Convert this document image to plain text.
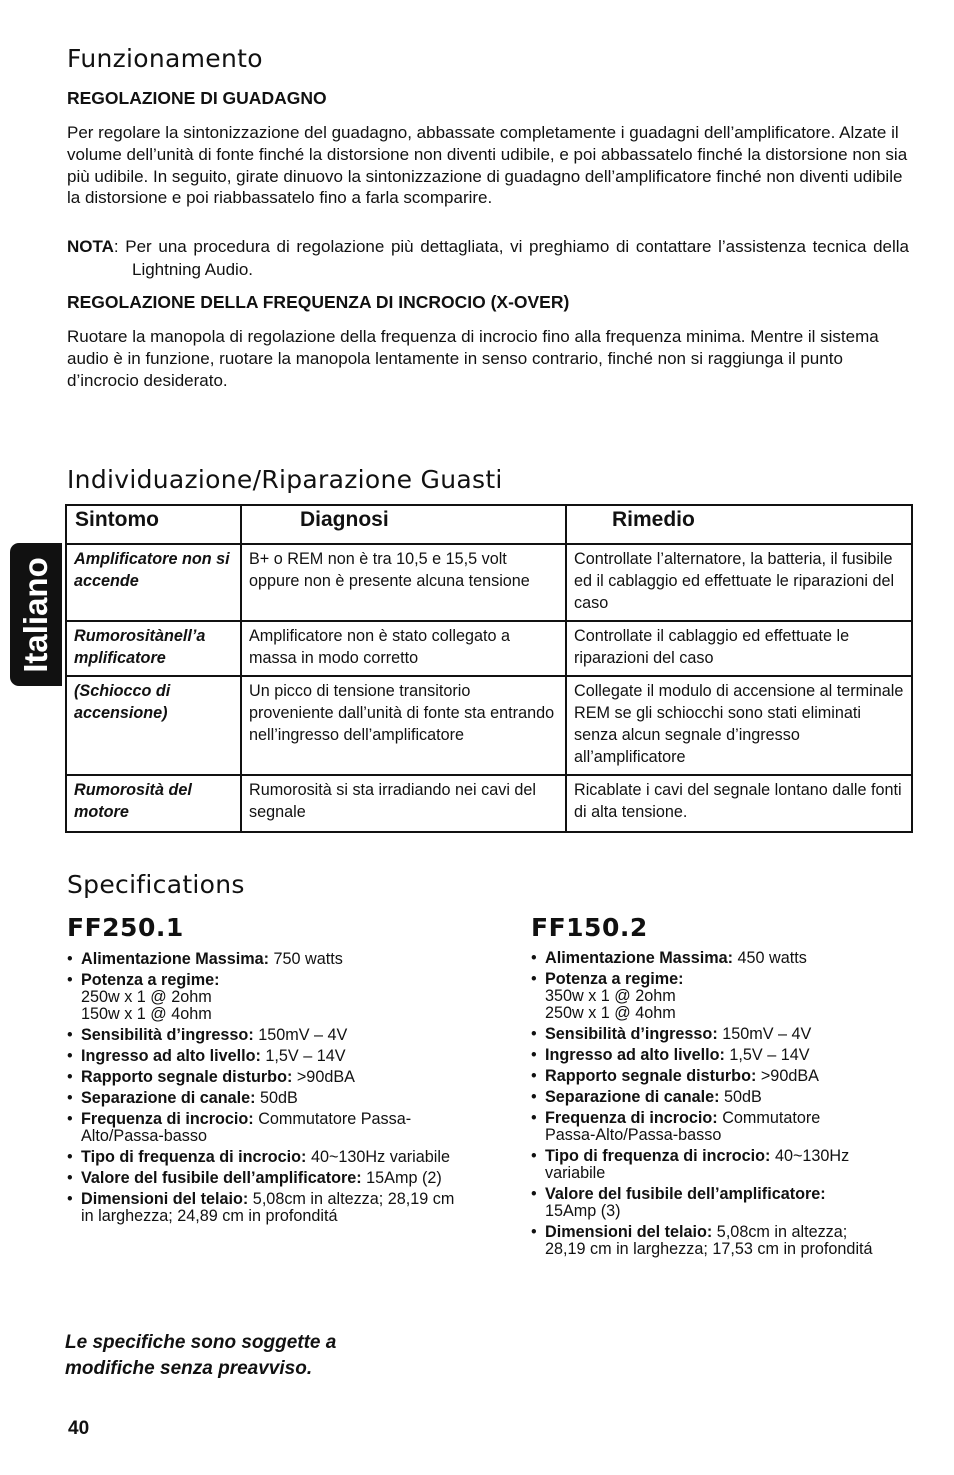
Italiano
Funzionamento
REGOLAZIONE DI GUADAGNO

Per regolare la sintonizzazione del guadagno, abbassate completamente i guadagni dell’amplificatore. Alzate il volume dell’unità di fonte finché la distorsione non diventi udibile, e poi abbassatelo finché la distorsione non sia più udibile. In seguito, girate dinuovo la sintonizzazione di guadagno dell’amplificatore finché non diventi udibile la distorsione e poi riabbassatelo fino a farla scomparire.

NOTA: Per una procedura di regolazione più dettagliata, vi preghiamo di contattare l’assistenza tecnica della Lightning Audio.

REGOLAZIONE DELLA FREQUENZA DI INCROCIO (X-OVER)

Ruotare la manopola di regolazione della frequenza di incrocio fino alla frequenza minima. Mentre il sistema audio è in funzione, ruotare la manopola lentamente in senso contrario, finché non si raggiunga il punto d’incrocio desiderato.

Individuazione/Riparazione Guasti
Sintomo	Diagnosi	Rimedio
Amplificatore non si accende	B+ o REM non è tra 10,5 e 15,5 volt oppure non è presente alcuna tensione	Controllate l’alternatore, la batteria, il fusibile ed il cablaggio ed effettuate le riparazioni del caso
Rumorositànell’a mplificatore	Amplificatore non è stato collegato a massa in modo corretto	Controllate il cablaggio ed effettuate le riparazioni del caso
(Schiocco di accensione)	Un picco di tensione transitorio proveniente dall’unità di fonte sta entrando nell’ingresso dell’amplificatore	Collegate il modulo di accensione al terminale REM se gli schiocchi sono stati eliminati senza alcun segnale d’ingresso all’amplificatore
Rumorosità del motore	Rumorosità si sta irradiando nei cavi del segnale	Ricablate i cavi del segnale lontano dalle fonti di alta tensione.
Specifications
FF250.1
• Alimentazione Massima: 750 watts
• Potenza a regime:
250w x 1 @ 2ohm
150w x 1 @ 4ohm
• Sensibilità d’ingresso: 150mV – 4V
• Ingresso ad alto livello: 1,5V – 14V
• Rapporto segnale disturbo: >90dBA
• Separazione di canale: 50dB
• Frequenza di incrocio: Commutatore Passa-
Alto/Passa-basso
• Tipo di frequenza di incrocio: 40~130Hz variabile
• Valore del fusibile dell’amplificatore: 15Amp (2)
• Dimensioni del telaio: 5,08cm in altezza; 28,19 cm
in larghezza; 24,89 cm in profonditá
FF150.2
• Alimentazione Massima: 450 watts
• Potenza a regime:
350w x 1 @ 2ohm
250w x 1 @ 4ohm
• Sensibilità d’ingresso: 150mV – 4V
• Ingresso ad alto livello: 1,5V – 14V
• Rapporto segnale disturbo: >90dBA
• Separazione di canale: 50dB
• Frequenza di incrocio: Commutatore
Passa-Alto/Passa-basso
• Tipo di frequenza di incrocio: 40~130Hz
variabile
• Valore del fusibile dell’amplificatore:
15Amp (3)
• Dimensioni del telaio: 5,08cm in altezza;
28,19 cm in larghezza; 17,53 cm in profonditá

Le specifiche sono soggette a modifiche senza preavviso.

40
